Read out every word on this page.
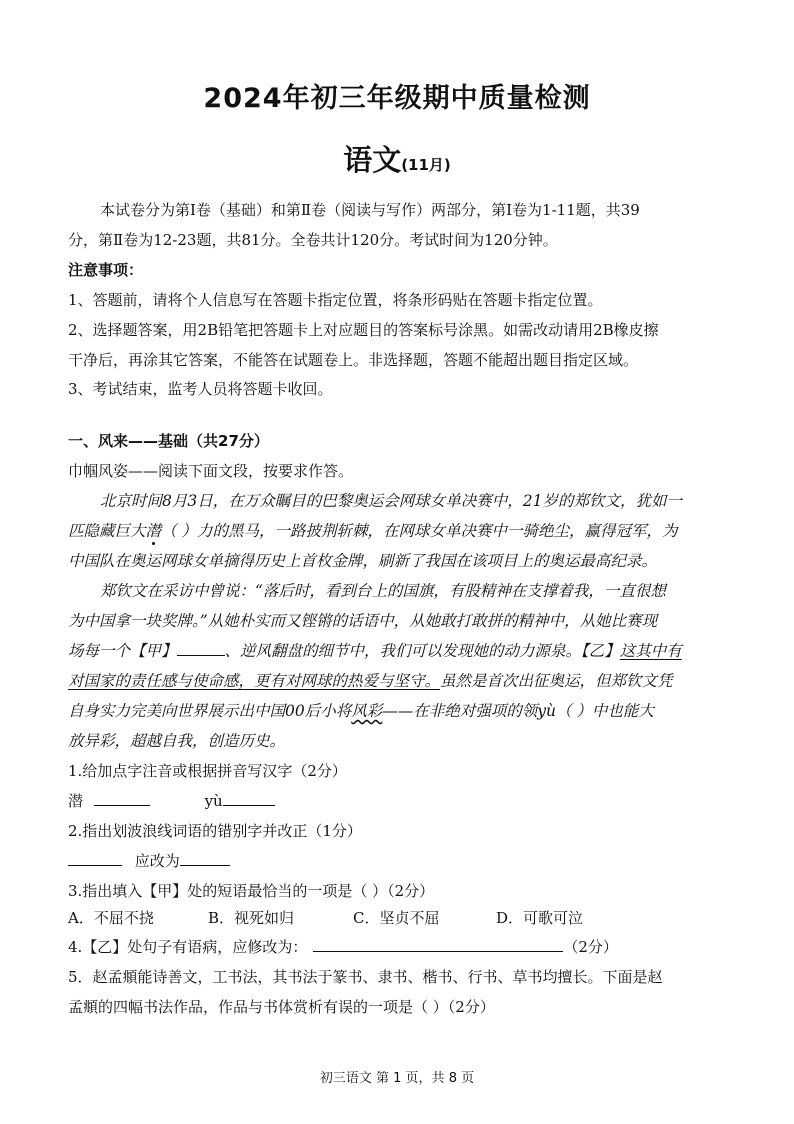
2024年初三年级期中质量检测
语文(11月)
本试卷分为第Ⅰ卷（基础）和第Ⅱ卷（阅读与写作）两部分，第Ⅰ卷为1-11题，共39
分，第Ⅱ卷为12-23题，共81分。全卷共计120分。考试时间为120分钟。
注意事项：
1、答题前，请将个人信息写在答题卡指定位置，将条形码贴在答题卡指定位置。
2、选择题答案，用2B铅笔把答题卡上对应题目的答案标号涂黑。如需改动请用2B橡皮擦
干净后，再涂其它答案，不能答在试题卷上。非选择题，答题不能超出题目指定区域。
3、考试结束，监考人员将答题卡收回。
一、风来——基础（共27分）
巾帼风姿——阅读下面文段，按要求作答。
北京时间8月3日，在万众瞩目的巴黎奥运会网球女单决赛中，21岁的郑钦文，犹如一
匹隐藏巨大潜（ ）力的黑马，一路披荆斩棘，在网球女单决赛中一骑绝尘，赢得冠军，为
中国队在奥运网球女单摘得历史上首枚金牌，刷新了我国在该项目上的奥运最高纪录。
郑钦文在采访中曾说：“落后时，看到台上的国旗，有股精神在支撑着我，一直很想
为中国拿一块奖牌。”从她朴实而又铿锵的话语中，从她敢打敢拼的精神中，从她比赛现
场每一个【甲】	、逆风翻盘的细节中，我们可以发现她的动力源泉。【乙】这其中有
对国家的责任感与使命感，更有对网球的热爱与坚守。虽然是首次出征奥运，但郑钦文凭
自身实力完美向世界展示出中国00后小将风彩——在非绝对强项的领yù（ ）中也能大
放异彩，超越自我，创造历史。
1.给加点字注音或根据拼音写汉字（2分）
潜	yù
2.指出划波浪线词语的错别字并改正（1分）
应改为
3.指出填入【甲】处的短语最恰当的一项是（ ）（2分）
A．不屈不挠	B．视死如归	C．坚贞不屈	D．可歌可泣
4.【乙】处句子有语病，应修改为：	（2分）
5．赵孟頫能诗善文，工书法，其书法于篆书、隶书、楷书、行书、草书均擅长。下面是赵
孟頫的四幅书法作品，作品与书体赏析有误的一项是（ ）（2分）
初三语文 第 1 页，共 8 页
